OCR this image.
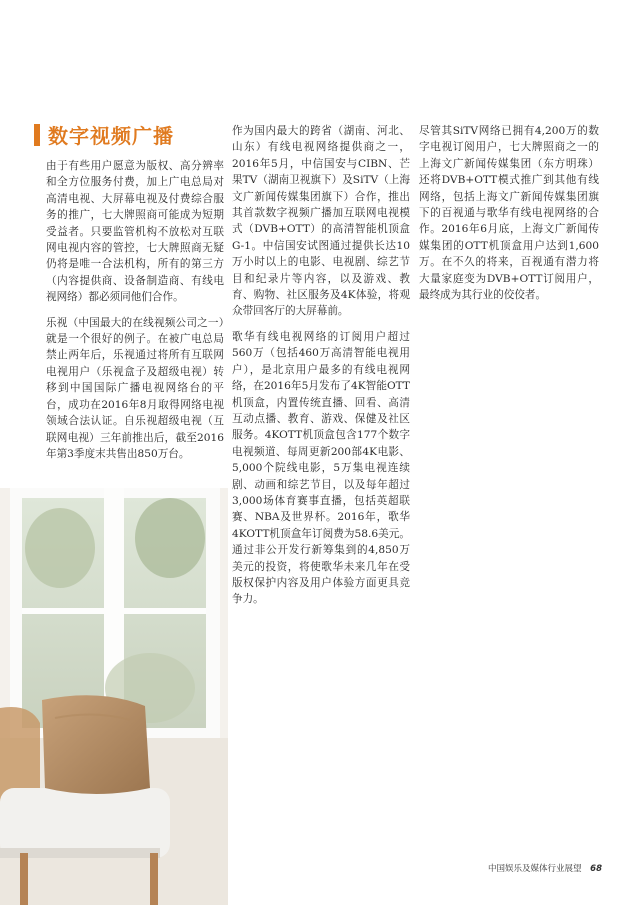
数字视频广播

由于有些用户愿意为版权、高分辨率和全方位服务付费，加上广电总局对高清电视、大屏幕电视及付费综合服务的推广，七大牌照商可能成为短期受益者。只要监管机构不放松对互联网电视内容的管控，七大牌照商无疑仍将是唯一合法机构，所有的第三方（内容提供商、设备制造商、有线电视网络）都必须同他们合作。

乐视（中国最大的在线视频公司之一）就是一个很好的例子。在被广电总局禁止两年后，乐视通过将所有互联网电视用户（乐视盒子及超级电视）转移到中国国际广播电视网络台的平台，成功在2016年8月取得网络电视领域合法认证。自乐视超级电视（互联网电视）三年前推出后，截至2016年第3季度末共售出850万台。

作为国内最大的跨省（湖南、河北、山东）有线电视网络提供商之一，2016年5月，中信国安与CIBN、芒果TV（湖南卫视旗下）及SiTV（上海文广新闻传媒集团旗下）合作，推出其首款数字视频广播加互联网电视模式（DVB+OTT）的高清智能机顶盒G-1。中信国安试图通过提供长达10万小时以上的电影、电视剧、综艺节目和纪录片等内容，以及游戏、教育、购物、社区服务及4K体验，将观众带回客厅的大屏幕前。

歌华有线电视网络的订阅用户超过560万（包括460万高清智能电视用户），是北京用户最多的有线电视网络，在2016年5月发布了4K智能OTT机顶盒，内置传统直播、回看、高清互动点播、教育、游戏、保健及社区服务。4KOTT机顶盒包含177个数字电视频道、每周更新200部4K电影、5,000个院线电影，5万集电视连续剧、动画和综艺节目，以及每年超过3,000场体育赛事直播，包括英超联赛、NBA及世界杯。2016年，歌华4KOTT机顶盒年订阅费为58.6美元。通过非公开发行新筹集到的4,850万美元的投资，将使歌华未来几年在受版权保护内容及用户体验方面更具竞争力。

尽管其SiTV网络已拥有4,200万的数字电视订阅用户，七大牌照商之一的上海文广新闻传媒集团（东方明珠）还将DVB+OTT模式推广到其他有线网络，包括上海文广新闻传媒集团旗下的百视通与歌华有线电视网络的合作。2016年6月底，上海文广新闻传媒集团的OTT机顶盒用户达到1,600万。在不久的将来，百视通有潜力将大量家庭变为DVB+OTT订阅用户，最终成为其行业的佼佼者。

中国娱乐及媒体行业展望 68
